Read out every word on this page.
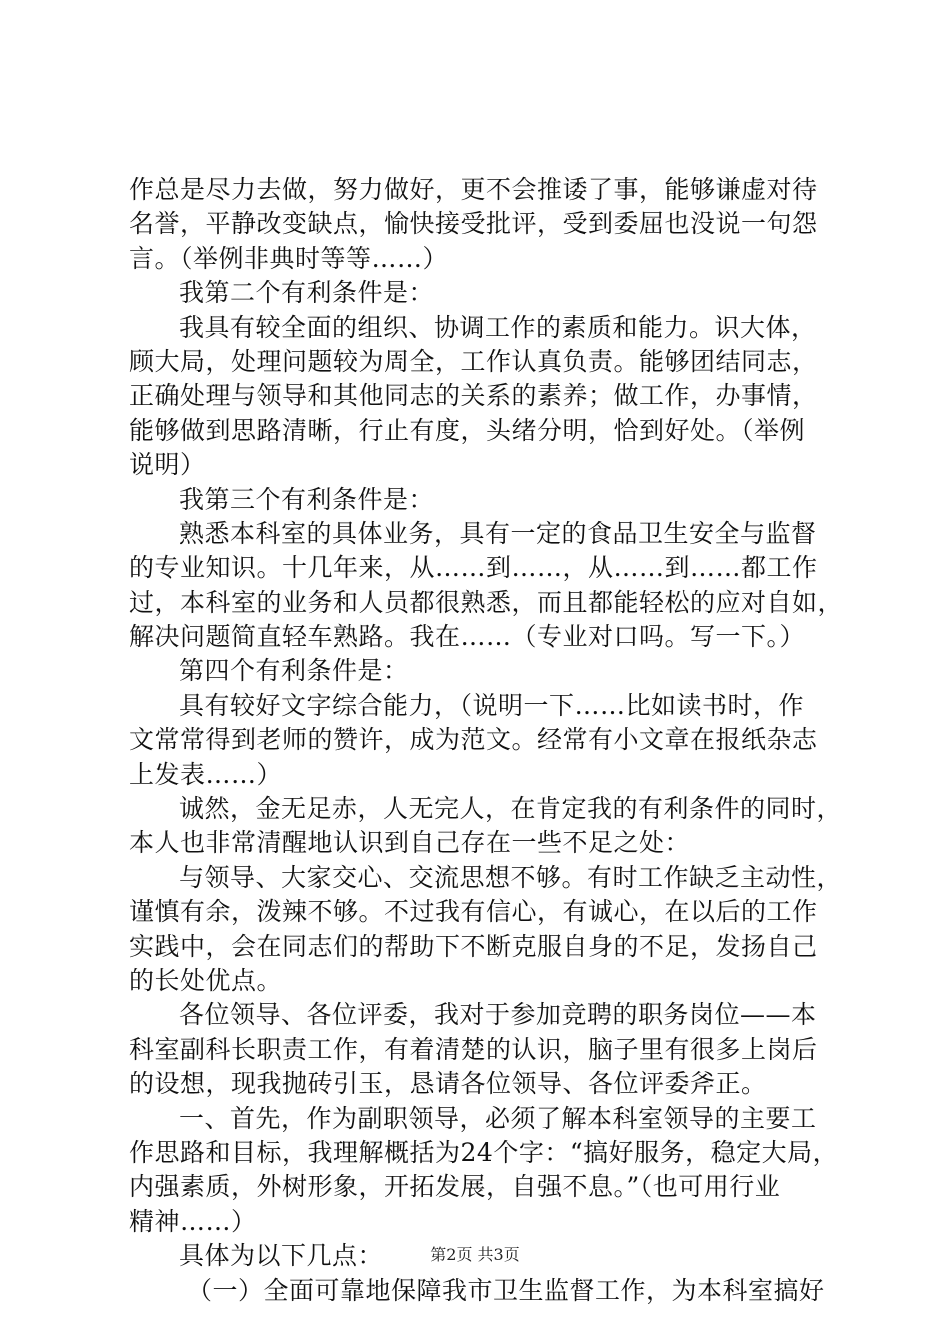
作总是尽力去做，努力做好，更不会推诿了事，能够谦虚对待
名誉，平静改变缺点，愉快接受批评，受到委屈也没说一句怨
言。（举例非典时等等……）
我第二个有利条件是：
我具有较全面的组织、协调工作的素质和能力。识大体，
顾大局，处理问题较为周全，工作认真负责。能够团结同志，
正确处理与领导和其他同志的关系的素养；做工作，办事情，
能够做到思路清晰，行止有度，头绪分明，恰到好处。（举例
说明）
我第三个有利条件是：
熟悉本科室的具体业务，具有一定的食品卫生安全与监督
的专业知识。十几年来，从……到……，从……到……都工作
过，本科室的业务和人员都很熟悉，而且都能轻松的应对自如，
解决问题简直轻车熟路。我在……（专业对口吗。写一下。）
第四个有利条件是：
具有较好文字综合能力，（说明一下……比如读书时，作
文常常得到老师的赞许，成为范文。经常有小文章在报纸杂志
上发表……）
诚然，金无足赤，人无完人，在肯定我的有利条件的同时，
本人也非常清醒地认识到自己存在一些不足之处：
与领导、大家交心、交流思想不够。有时工作缺乏主动性，
谨慎有余，泼辣不够。不过我有信心，有诚心，在以后的工作
实践中，会在同志们的帮助下不断克服自身的不足，发扬自己
的长处优点。
各位领导、各位评委，我对于参加竞聘的职务岗位——本
科室副科长职责工作，有着清楚的认识，脑子里有很多上岗后
的设想，现我抛砖引玉，恳请各位领导、各位评委斧正。
一、首先，作为副职领导，必须了解本科室领导的主要工
作思路和目标，我理解概括为24个字：“搞好服务，稳定大局，
内强素质，外树形象，开拓发展，自强不息。”（也可用行业
精神……）
具体为以下几点：
（一）全面可靠地保障我市卫生监督工作，为本科室搞好
第2页 共3页
